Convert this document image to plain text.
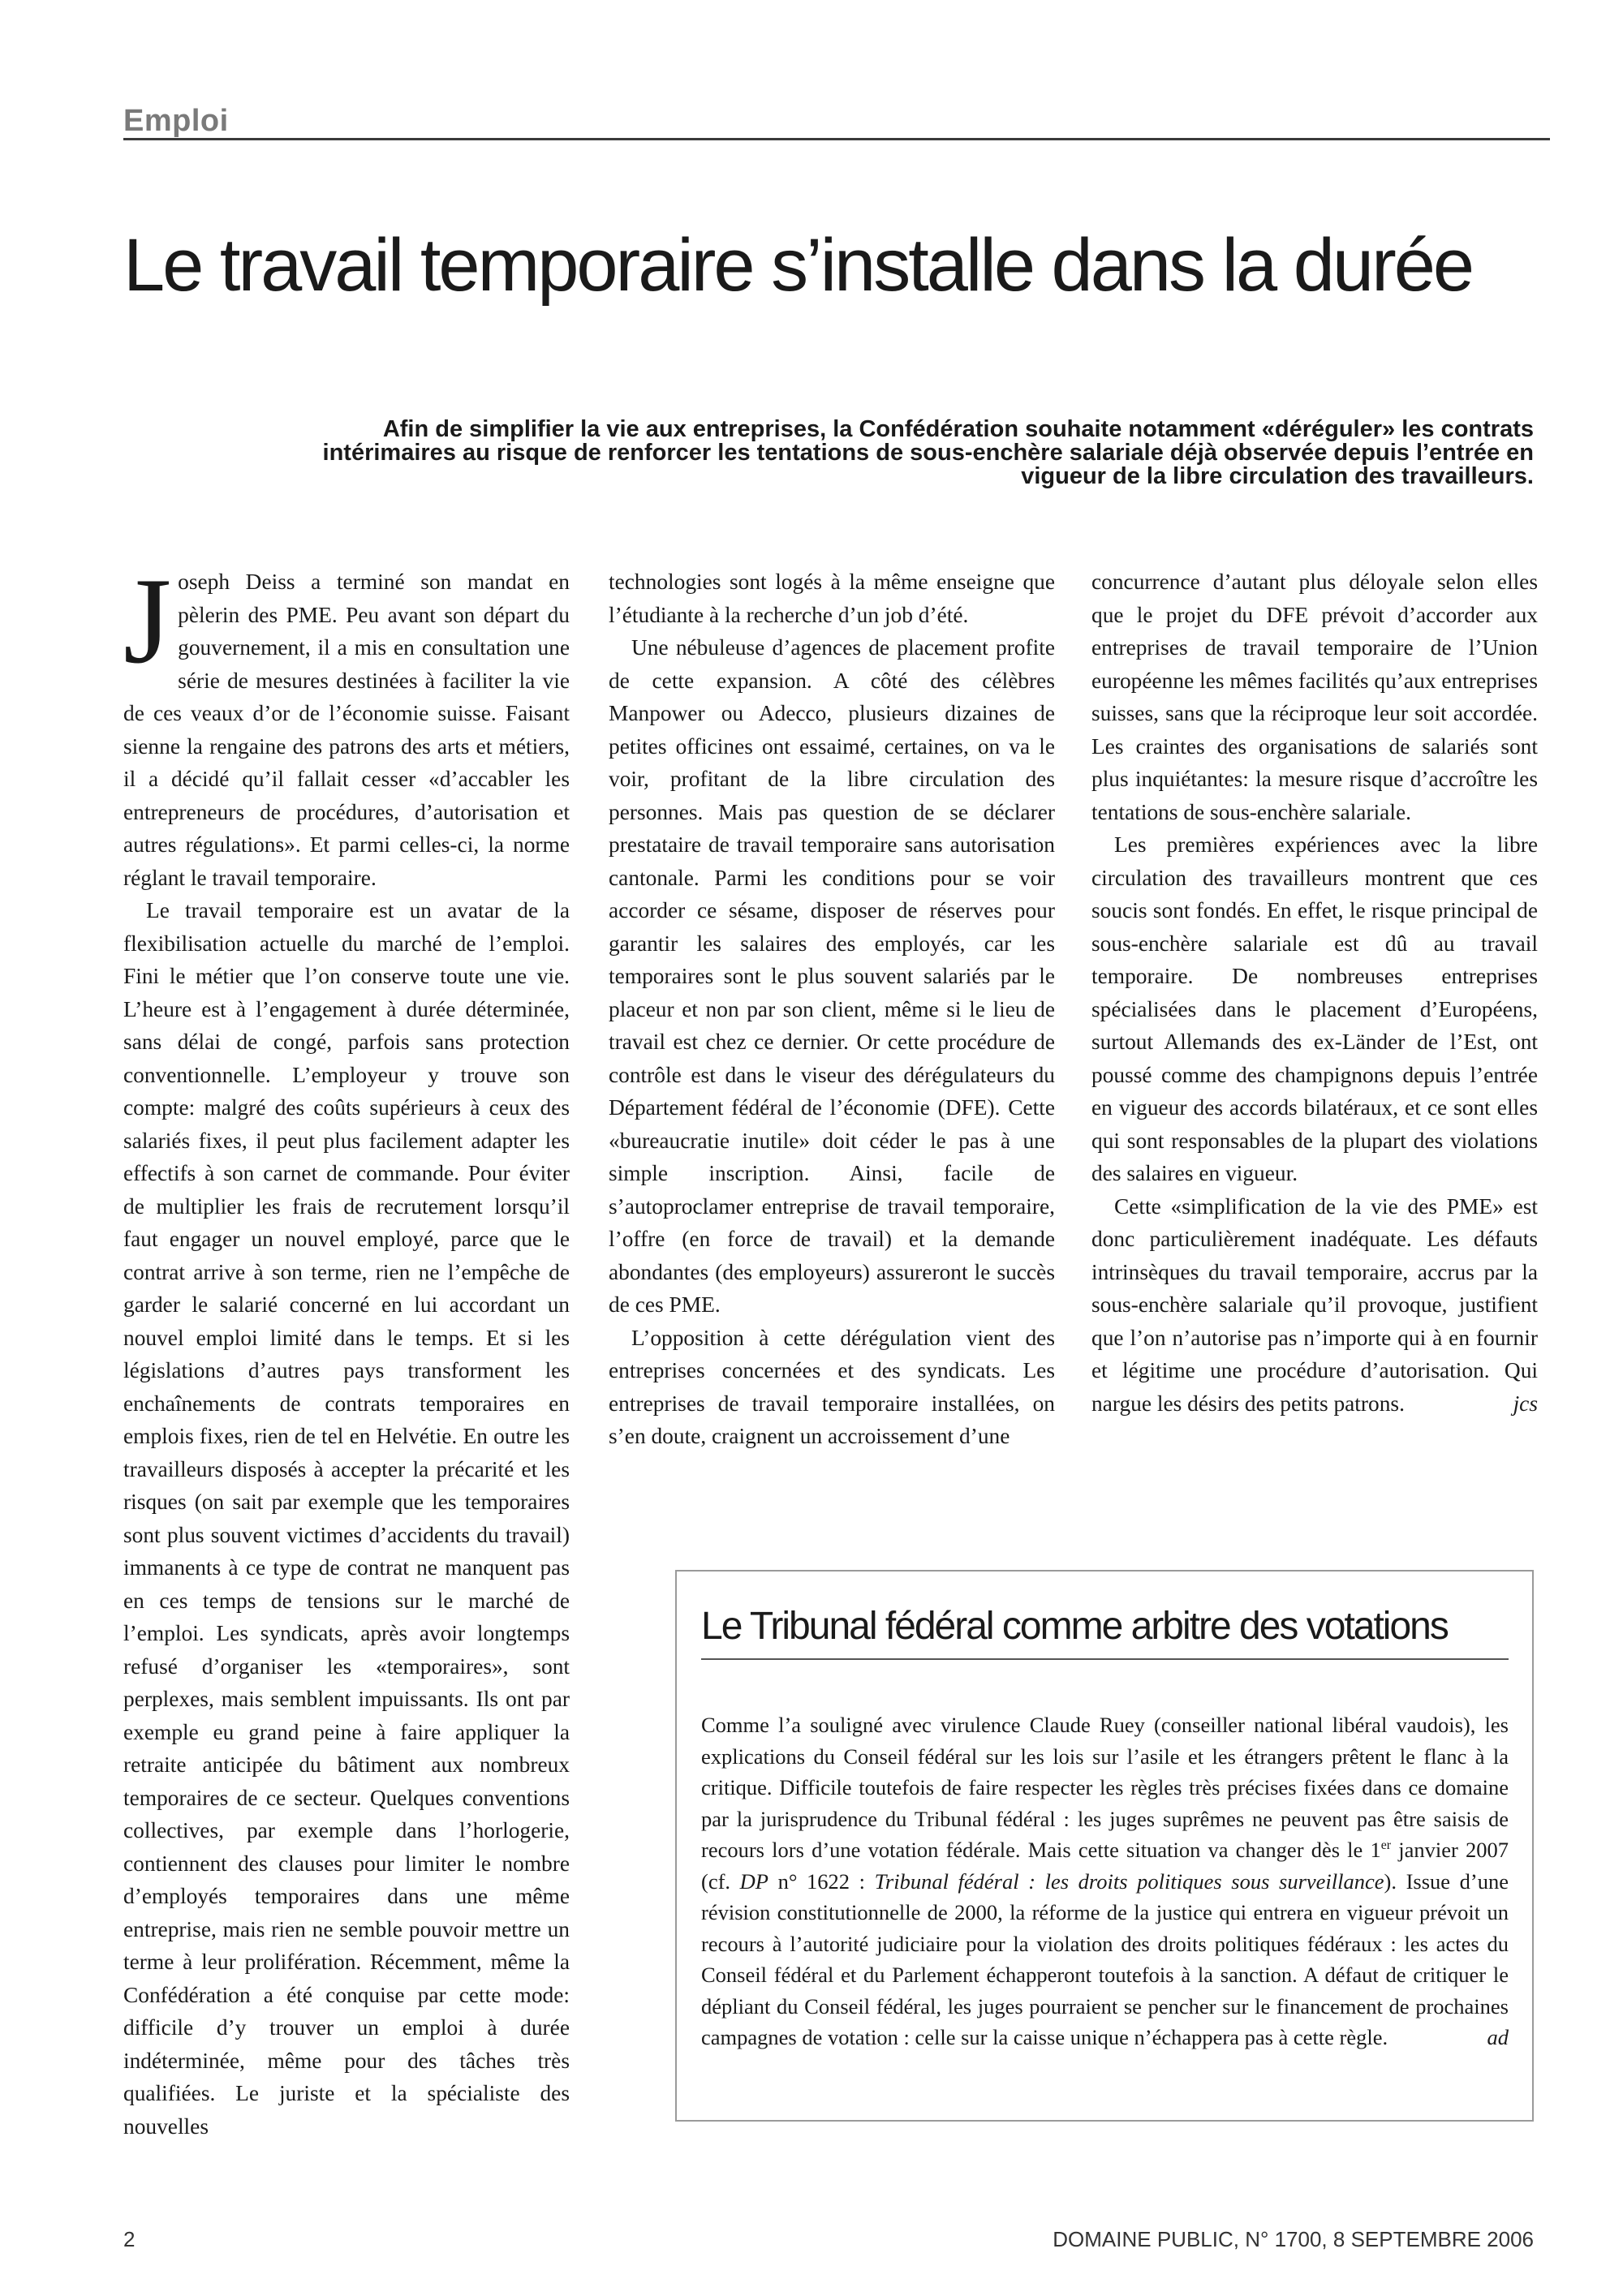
Emploi
Le travail temporaire s’installe dans la durée

Afin de simplifier la vie aux entreprises, la Confédération souhaite notamment «déréguler» les contrats intérimaires au risque de renforcer les tentations de sous-enchère salariale déjà observée depuis l’entrée en vigueur de la libre circulation des travailleurs.

Joseph Deiss a terminé son mandat en pèlerin des PME. Peu avant son départ du gouvernement, il a mis en consultation une série de mesures destinées à faciliter la vie de ces veaux d’or de l’économie suisse. Faisant sienne la rengaine des patrons des arts et métiers, il a décidé qu’il fallait cesser «d’accabler les entrepreneurs de procédures, d’autorisation et autres régulations». Et parmi celles-ci, la norme réglant le travail temporaire.

Le travail temporaire est un avatar de la flexibilisation actuelle du marché de l’emploi. Fini le métier que l’on conserve toute une vie. L’heure est à l’engagement à durée déterminée, sans délai de congé, parfois sans protection conventionnelle. L’employeur y trouve son compte: malgré des coûts supérieurs à ceux des salariés fixes, il peut plus facilement adapter les effectifs à son carnet de commande. Pour éviter de multiplier les frais de recrutement lorsqu’il faut engager un nouvel employé, parce que le contrat arrive à son terme, rien ne l’empêche de garder le salarié concerné en lui accordant un nouvel emploi limité dans le temps. Et si les législations d’autres pays transforment les enchaînements de contrats temporaires en emplois fixes, rien de tel en Helvétie. En outre les travailleurs disposés à accepter la précarité et les risques (on sait par exemple que les temporaires sont plus souvent victimes d’accidents du travail) immanents à ce type de contrat ne manquent pas en ces temps de tensions sur le marché de l’emploi. Les syndicats, après avoir longtemps refusé d’organiser les «temporaires», sont perplexes, mais semblent impuissants. Ils ont par exemple eu grand peine à faire appliquer la retraite anticipée du bâtiment aux nombreux temporaires de ce secteur. Quelques conventions collectives, par exemple dans l’horlogerie, contiennent des clauses pour limiter le nombre d’employés temporaires dans une même entreprise, mais rien ne semble pouvoir mettre un terme à leur prolifération. Récemment, même la Confédération a été conquise par cette mode: difficile d’y trouver un emploi à durée indéterminée, même pour des tâches très qualifiées. Le juriste et la spécialiste des nouvelles

technologies sont logés à la même enseigne que l’étudiante à la recherche d’un job d’été.

Une nébuleuse d’agences de placement profite de cette expansion. A côté des célèbres Manpower ou Adecco, plusieurs dizaines de petites officines ont essaimé, certaines, on va le voir, profitant de la libre circulation des personnes. Mais pas question de se déclarer prestataire de travail temporaire sans autorisation cantonale. Parmi les conditions pour se voir accorder ce sésame, disposer de réserves pour garantir les salaires des employés, car les temporaires sont le plus souvent salariés par le placeur et non par son client, même si le lieu de travail est chez ce dernier. Or cette procédure de contrôle est dans le viseur des dérégulateurs du Département fédéral de l’économie (DFE). Cette «bureaucratie inutile» doit céder le pas à une simple inscription. Ainsi, facile de s’autoproclamer entreprise de travail temporaire, l’offre (en force de travail) et la demande abondantes (des employeurs) assureront le succès de ces PME.

L’opposition à cette dérégulation vient des entreprises concernées et des syndicats. Les entreprises de travail temporaire installées, on s’en doute, craignent un accroissement d’une

concurrence d’autant plus déloyale selon elles que le projet du DFE prévoit d’accorder aux entreprises de travail temporaire de l’Union européenne les mêmes facilités qu’aux entreprises suisses, sans que la réciproque leur soit accordée. Les craintes des organisations de salariés sont plus inquiétantes: la mesure risque d’accroître les tentations de sous-enchère salariale.

Les premières expériences avec la libre circulation des travailleurs montrent que ces soucis sont fondés. En effet, le risque principal de sous-enchère salariale est dû au travail temporaire. De nombreuses entreprises spécialisées dans le placement d’Européens, surtout Allemands des ex-Länder de l’Est, ont poussé comme des champignons depuis l’entrée en vigueur des accords bilatéraux, et ce sont elles qui sont responsables de la plupart des violations des salaires en vigueur.

Cette «simplification de la vie des PME» est donc particulièrement inadéquate. Les défauts intrinsèques du travail temporaire, accrus par la sous-enchère salariale qu’il provoque, justifient que l’on n’autorise pas n’importe qui à en fournir et légitime une procédure d’autorisation. Qui nargue les désirs des petits patrons.	jcs

Le Tribunal fédéral comme arbitre des votations

Comme l’a souligné avec virulence Claude Ruey (conseiller national libéral vaudois), les explications du Conseil fédéral sur les lois sur l’asile et les étrangers prêtent le flanc à la critique. Difficile toutefois de faire respecter les règles très précises fixées dans ce domaine par la jurisprudence du Tribunal fédéral : les juges suprêmes ne peuvent pas être saisis de recours lors d’une votation fédérale. Mais cette situation va changer dès le 1er janvier 2007 (cf. DP n° 1622 : Tribunal fédéral : les droits politiques sous surveillance). Issue d’une révision constitutionnelle de 2000, la réforme de la justice qui entrera en vigueur prévoit un recours à l’autorité judiciaire pour la violation des droits politiques fédéraux : les actes du Conseil fédéral et du Parlement échapperont toutefois à la sanction. A défaut de critiquer le dépliant du Conseil fédéral, les juges pourraient se pencher sur le financement de prochaines campagnes de votation : celle sur la caisse unique n’échappera pas à cette règle.	ad

2	DOMAINE PUBLIC, N° 1700, 8 SEPTEMBRE 2006
